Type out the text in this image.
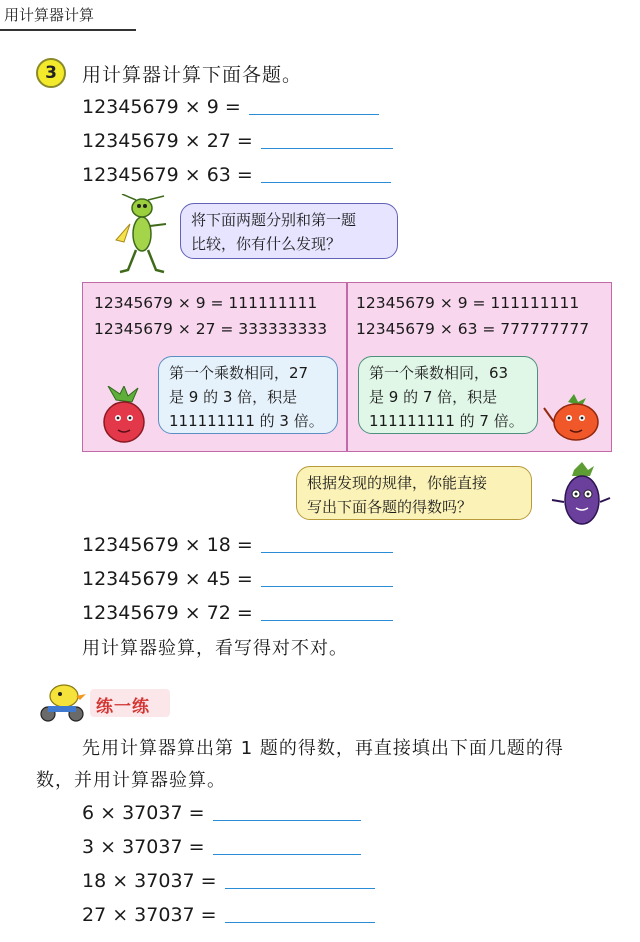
用计算器计算
3	用计算器计算下面各题。
12345679 × 9 =
12345679 × 27 =
12345679 × 63 =
将下面两题分别和第一题
比较，你有什么发现？
12345679 × 9 = 111111111
12345679 × 27 = 333333333
12345679 × 9 = 111111111
12345679 × 63 = 777777777
第一个乘数相同，27
是 9 的 3 倍，积是
111111111 的 3 倍。
第一个乘数相同，63
是 9 的 7 倍，积是
111111111 的 7 倍。
根据发现的规律，你能直接
写出下面各题的得数吗？
12345679 × 18 =
12345679 × 45 =
12345679 × 72 =
用计算器验算，看写得对不对。
练一练
先用计算器算出第 1 题的得数，再直接填出下面几题的得
数，并用计算器验算。
6 × 37037 =
3 × 37037 =
18 × 37037 =
27 × 37037 =
